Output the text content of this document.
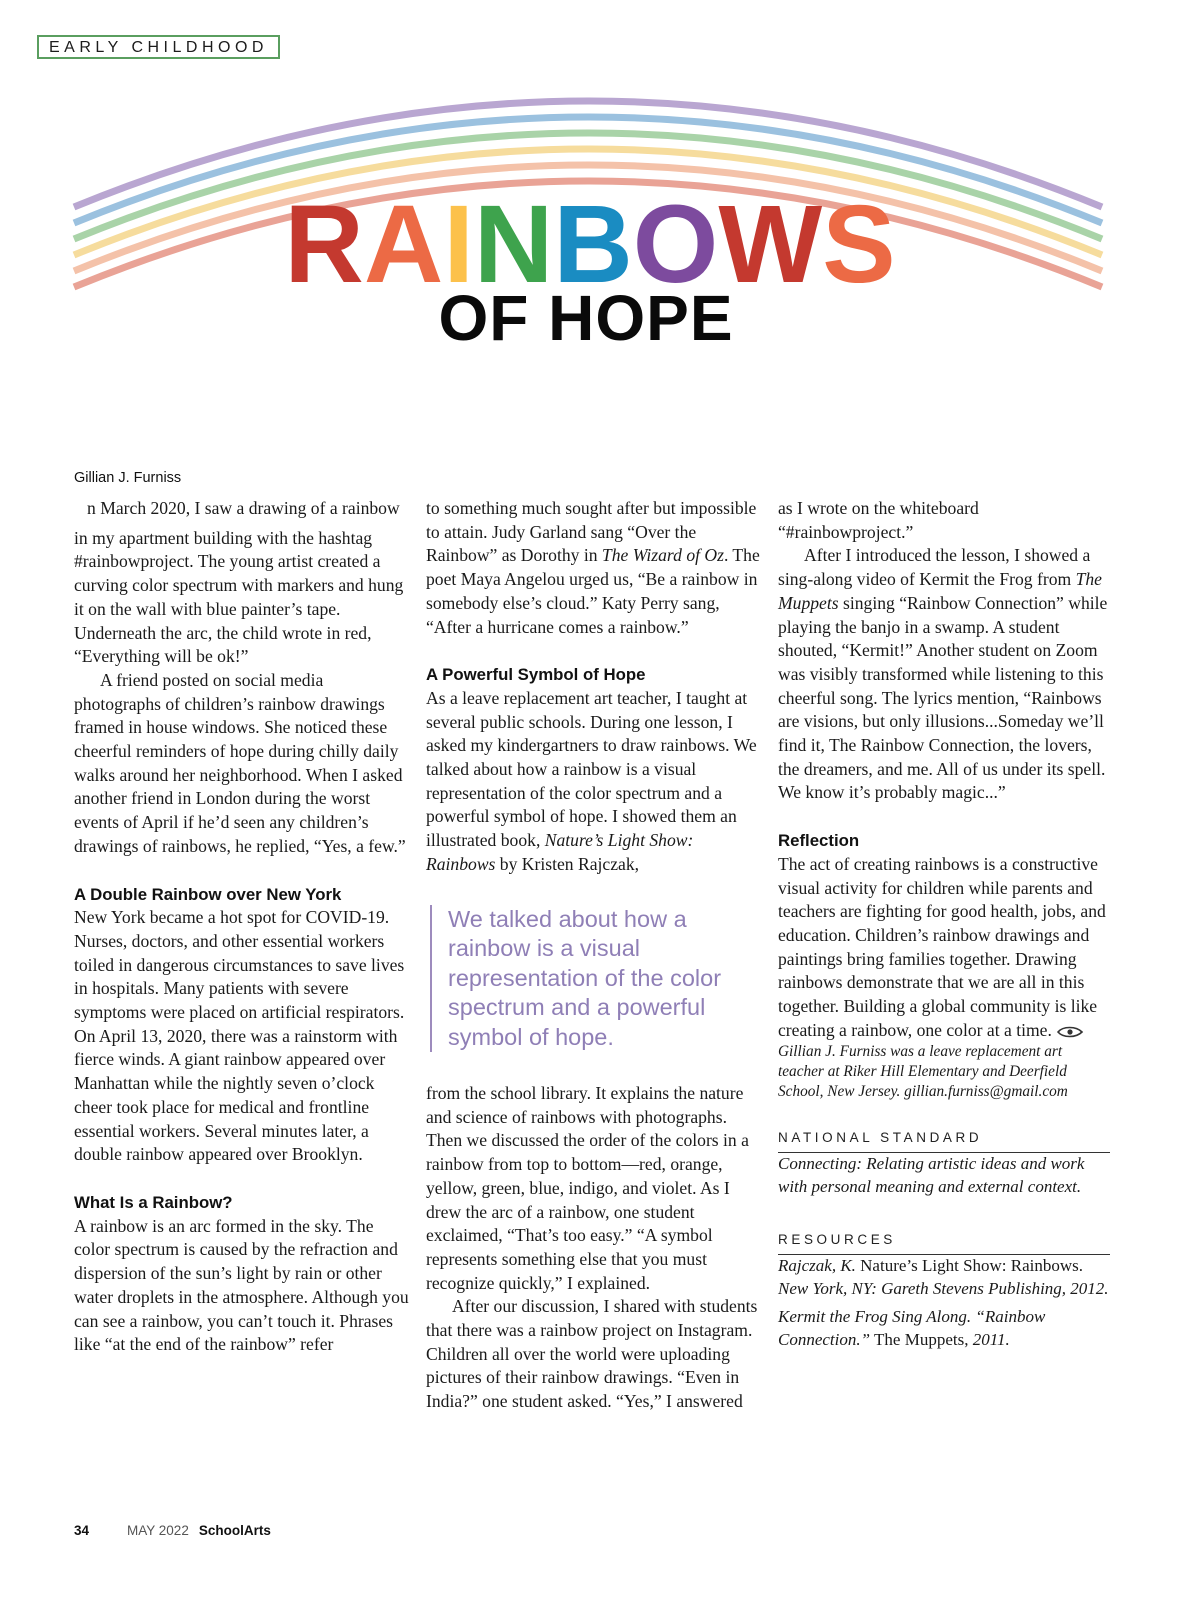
EARLY CHILDHOOD
RAINBOWS
OF HOPE
Gillian J. Furniss

n March 2020, I saw a drawing of a rainbow in my apartment building with the hashtag #rainbowproject. The young artist created a curving color spectrum with markers and hung it on the wall with blue painter’s tape. Underneath the arc, the child wrote in red, “Everything will be ok!”

A friend posted on social media photographs of children’s rainbow drawings framed in house windows. She noticed these cheerful reminders of hope during chilly daily walks around her neighborhood. When I asked another friend in London during the worst events of April if he’d seen any children’s drawings of rainbows, he replied, “Yes, a few.”

A Double Rainbow over New York

New York became a hot spot for COVID-19. Nurses, doctors, and other essential workers toiled in dangerous circumstances to save lives in hospitals. Many patients with severe symptoms were placed on artificial respirators. On April 13, 2020, there was a rainstorm with fierce winds. A giant rainbow appeared over Manhattan while the nightly seven o’clock cheer took place for medical and frontline essential workers. Several minutes later, a double rainbow appeared over Brooklyn.

What Is a Rainbow?

A rainbow is an arc formed in the sky. The color spectrum is caused by the refraction and dispersion of the sun’s light by rain or other water droplets in the atmosphere. Although you can see a rainbow, you can’t touch it. Phrases like “at the end of the rainbow” refer

to something much sought after but impossible to attain. Judy Garland sang “Over the Rainbow” as Dorothy in The Wizard of Oz. The poet Maya Angelou urged us, “Be a rainbow in somebody else’s cloud.” Katy Perry sang, “After a hurricane comes a rainbow.”

A Powerful Symbol of Hope

As a leave replacement art teacher, I taught at several public schools. During one lesson, I asked my kindergartners to draw rainbows. We talked about how a rainbow is a visual representation of the color spectrum and a powerful symbol of hope. I showed them an illustrated book, Nature’s Light Show: Rainbows by Kristen Rajczak,

We talked about how a rainbow is a visual representation of the color spectrum and a powerful symbol of hope.

from the school library. It explains the nature and science of rainbows with photographs. Then we discussed the order of the colors in a rainbow from top to bottom—red, orange, yellow, green, blue, indigo, and violet. As I drew the arc of a rainbow, one student exclaimed, “That’s too easy.” “A symbol represents something else that you must recognize quickly,” I explained.

After our discussion, I shared with students that there was a rainbow project on Instagram. Children all over the world were uploading pictures of their rainbow drawings. “Even in India?” one student asked. “Yes,” I answered

as I wrote on the whiteboard “#rainbowproject.”

After I introduced the lesson, I showed a sing-along video of Kermit the Frog from The Muppets singing “Rainbow Connection” while playing the banjo in a swamp. A student shouted, “Kermit!” Another student on Zoom was visibly transformed while listening to this cheerful song. The lyrics mention, “Rainbows are visions, but only illusions...Someday we’ll find it, The Rainbow Connection, the lovers, the dreamers, and me. All of us under its spell. We know it’s probably magic...”

Reflection

The act of creating rainbows is a constructive visual activity for children while parents and teachers are fighting for good health, jobs, and education. Children’s rainbow drawings and paintings bring families together. Drawing rainbows demonstrate that we are all in this together. Building a global community is like creating a rainbow, one color at a time.

Gillian J. Furniss was a leave replacement art teacher at Riker Hill Elementary and Deerfield School, New Jersey. gillian.furniss@gmail.com

NATIONAL STANDARD

Connecting: Relating artistic ideas and work with personal meaning and external context.

RESOURCES

Rajczak, K. Nature’s Light Show: Rainbows. New York, NY: Gareth Stevens Publishing, 2012.

Kermit the Frog Sing Along. “Rainbow Connection.” The Muppets, 2011.

34	MAY 2022 SchoolArts
